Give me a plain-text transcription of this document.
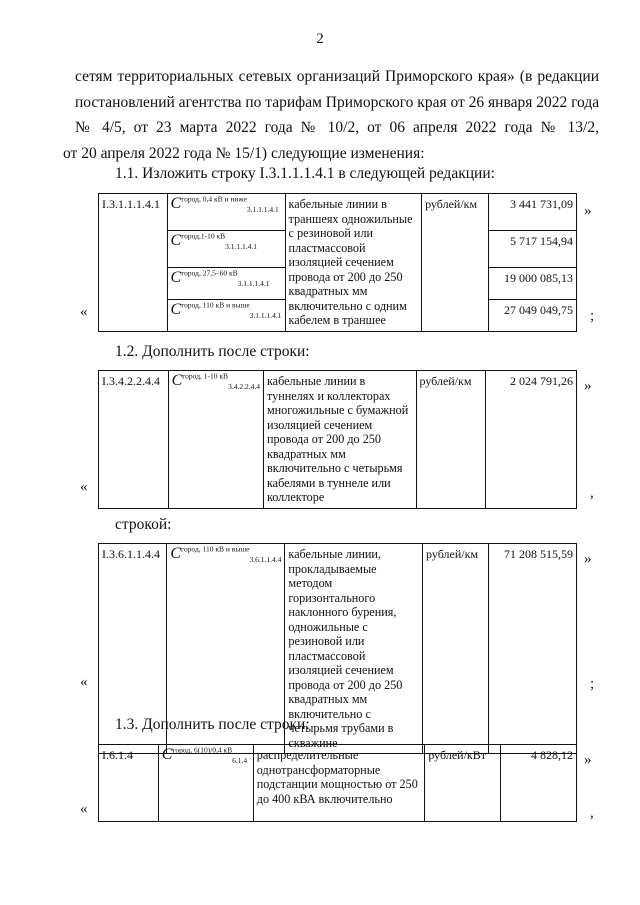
2
сетям территориальных сетевых организаций Приморского края» (в редакции
постановлений агентства по тарифам Приморского края от 26 января 2022 года
№ 4/5, от 23 марта 2022 года № 10/2, от 06 апреля 2022 года № 13/2,
от 20 апреля 2022 года № 15/1) следующие изменения:
1.1. Изложить строку I.3.1.1.1.4.1 в следующей редакции:
I.3.1.1.1.4.1	$C^{город, 0,4 кВ и ниже}_{3.1.1.1.4.1}$	кабельные линии в траншеях одножильные с резиновой или пластмассовой изоляцией сечением провода от 200 до 250 квадратных мм включительно с одним кабелем в траншее	рублей/км	3 441 731,09
	$C^{город,1-10 кВ}_{3.1.1.1.4.1}$			5 717 154,94
	$C^{город, 27,5-60 кВ}_{3.1.1.1.4.1}$			19 000 085,13
	$C^{город, 110 кВ и выше}_{3.1.1.1.4.1}$			27 049 049,75
«
»
;
1.2. Дополнить после строки:
I.3.4.2.2.4.4	$C^{город, 1-10 кВ}_{3.4.2.2.4.4}$	кабельные линии в туннелях и коллекторах многожильные с бумажной изоляцией сечением провода от 200 до 250 квадратных мм включительно с четырьмя кабелями в туннеле или коллекторе	рублей/км	2 024 791,26
«
»
,
строкой:
I.3.6.1.1.4.4	$C^{город, 110 кВ и выше}_{3.6.1.1.4.4}$	кабельные линии, прокладываемые методом горизонтального наклонного бурения, одножильные с резиновой или пластмассовой изоляцией сечением провода от 200 до 250 квадратных мм включительно с четырьмя трубами в скважине	рублей/км	71 208 515,59
«
»
;
1.3. Дополнить после строки:
I.6.1.4	$C^{город, 6(10)/0,4 кВ}_{6.1.4}$	распределительные однотрансформаторные подстанции мощностью от 250 до 400 кВА включительно	рублей/кВт	4 828,12
«
»
,
